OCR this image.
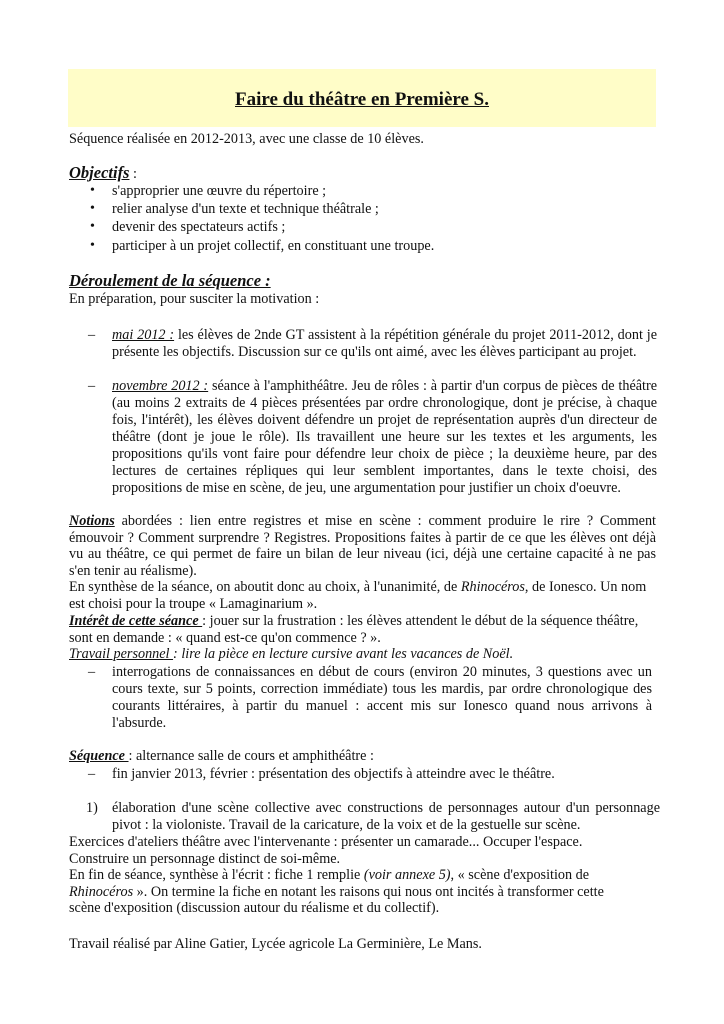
Faire du théâtre en Première S.

Séquence réalisée en 2012-2013, avec une classe de 10 élèves.

Objectifs :

• s'approprier une œuvre du répertoire ;
• relier analyse d'un texte et technique théâtrale ;
• devenir des spectateurs actifs ;
• participer à un projet collectif, en constituant une troupe.

Déroulement de la séquence :

En préparation, pour susciter la motivation :

– mai 2012 : les élèves de 2nde GT assistent à la répétition générale du projet 2011-2012, dont je présente les objectifs. Discussion sur ce qu'ils ont aimé, avec les élèves participant au projet.
– novembre 2012 : séance à l'amphithéâtre. Jeu de rôles : à partir d'un corpus de pièces de théâtre (au moins 2 extraits de 4 pièces présentées par ordre chronologique, dont je précise, à chaque fois, l'intérêt), les élèves doivent défendre un projet de représentation auprès d'un directeur de théâtre (dont je joue le rôle). Ils travaillent une heure sur les textes et les arguments, les propositions qu'ils vont faire pour défendre leur choix de pièce ; la deuxième heure, par des lectures de certaines répliques qui leur semblent importantes, dans le texte choisi, des propositions de mise en scène, de jeu, une argumentation pour justifier un choix d'oeuvre.

Notions abordées : lien entre registres et mise en scène : comment produire le rire ? Comment émouvoir ? Comment surprendre ? Registres. Propositions faites à partir de ce que les élèves ont déjà vu au théâtre, ce qui permet de faire un bilan de leur niveau (ici, déjà une certaine capacité à ne pas s'en tenir au réalisme).

En synthèse de la séance, on aboutit donc au choix, à l'unanimité, de Rhinocéros, de Ionesco. Un nom est choisi pour la troupe « Lamaginarium ».

Intérêt de cette séance : jouer sur la frustration : les élèves attendent le début de la séquence théâtre, sont en demande : « quand est-ce qu'on commence ? ».

Travail personnel : lire la pièce en lecture cursive avant les vacances de Noël.

– interrogations de connaissances en début de cours (environ 20 minutes, 3 questions avec un cours texte, sur 5 points, correction immédiate) tous les mardis, par ordre chronologique des courants littéraires, à partir du manuel : accent mis sur Ionesco quand nous arrivons à l'absurde.

Séquence : alternance salle de cours et amphithéâtre :

– fin janvier 2013, février : présentation des objectifs à atteindre avec le théâtre.
1) élaboration d'une scène collective avec constructions de personnages autour d'un personnage pivot : la violoniste. Travail de la caricature, de la voix et de la gestuelle sur scène.

Exercices d'ateliers théâtre avec l'intervenante : présenter un camarade... Occuper l'espace.

Construire un personnage distinct de soi-même.

En fin de séance, synthèse à l'écrit : fiche 1 remplie (voir annexe 5), « scène d'exposition de Rhinocéros ». On termine la fiche en notant les raisons qui nous ont incités à transformer cette scène d'exposition (discussion autour du réalisme et du collectif).

Travail réalisé par Aline Gatier, Lycée agricole La Germinière, Le Mans.
